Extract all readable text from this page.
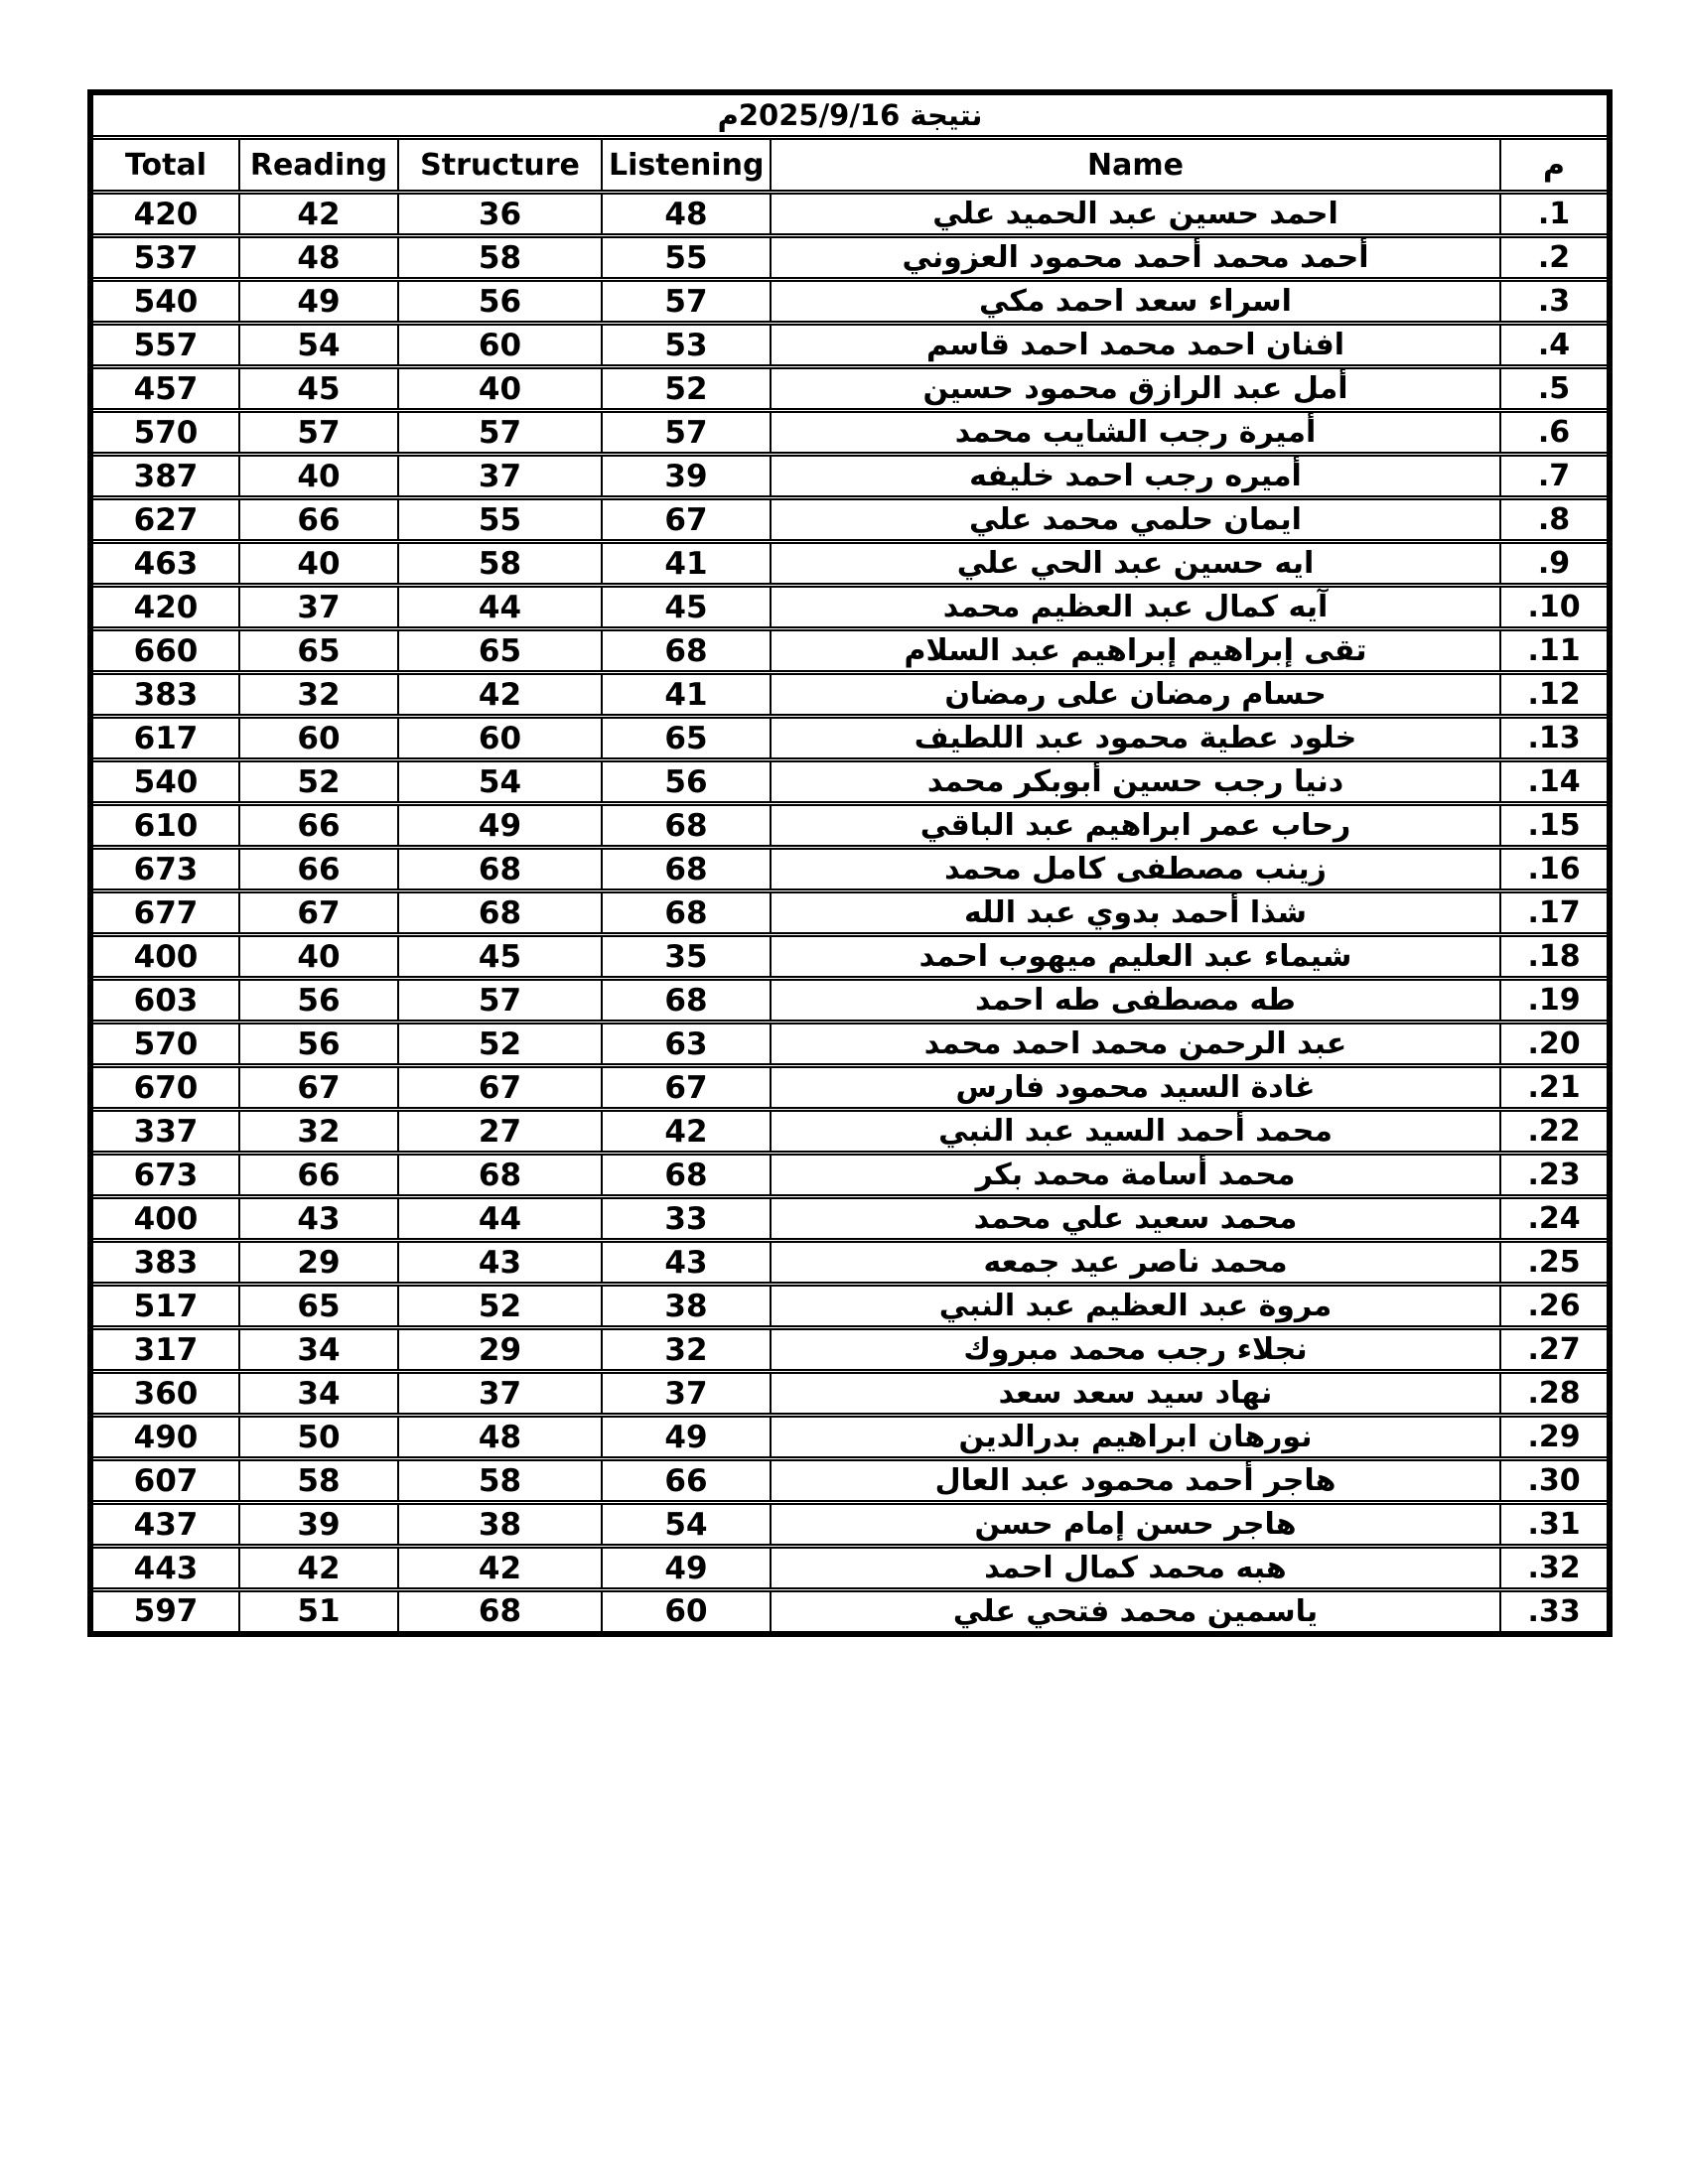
نتيجة 2025/9/16م					
Total	Reading	Structure	Listening	Name	م
420	42	36	48	احمد حسين عبد الحميد علي	.1
537	48	58	55	أحمد محمد أحمد محمود العزوني	.2
540	49	56	57	اسراء سعد احمد مكي	.3
557	54	60	53	افنان احمد محمد احمد قاسم	.4
457	45	40	52	أمل عبد الرازق محمود حسين	.5
570	57	57	57	أميرة رجب الشايب محمد	.6
387	40	37	39	أميره رجب احمد خليفه	.7
627	66	55	67	ايمان حلمي محمد علي	.8
463	40	58	41	ايه حسين عبد الحي علي	.9
420	37	44	45	آيه كمال عبد العظيم محمد	.10
660	65	65	68	تقى إبراهيم إبراهيم عبد السلام	.11
383	32	42	41	حسام رمضان على رمضان	.12
617	60	60	65	خلود عطية محمود عبد اللطيف	.13
540	52	54	56	دنيا رجب حسين أبوبكر محمد	.14
610	66	49	68	رحاب عمر ابراهيم عبد الباقي	.15
673	66	68	68	زينب مصطفى كامل محمد	.16
677	67	68	68	شذا أحمد بدوي عبد الله	.17
400	40	45	35	شيماء عبد العليم ميهوب احمد	.18
603	56	57	68	طه مصطفى طه احمد	.19
570	56	52	63	عبد الرحمن محمد احمد محمد	.20
670	67	67	67	غادة السيد محمود فارس	.21
337	32	27	42	محمد أحمد السيد عبد النبي	.22
673	66	68	68	محمد أسامة محمد بكر	.23
400	43	44	33	محمد سعيد علي محمد	.24
383	29	43	43	محمد ناصر عيد جمعه	.25
517	65	52	38	مروة عبد العظيم عبد النبي	.26
317	34	29	32	نجلاء رجب محمد مبروك	.27
360	34	37	37	نهاد سيد سعد سعد	.28
490	50	48	49	نورهان ابراهيم بدرالدين	.29
607	58	58	66	هاجر أحمد محمود عبد العال	.30
437	39	38	54	هاجر حسن إمام حسن	.31
443	42	42	49	هبه محمد كمال احمد	.32
597	51	68	60	ياسمين محمد فتحي علي	.33
